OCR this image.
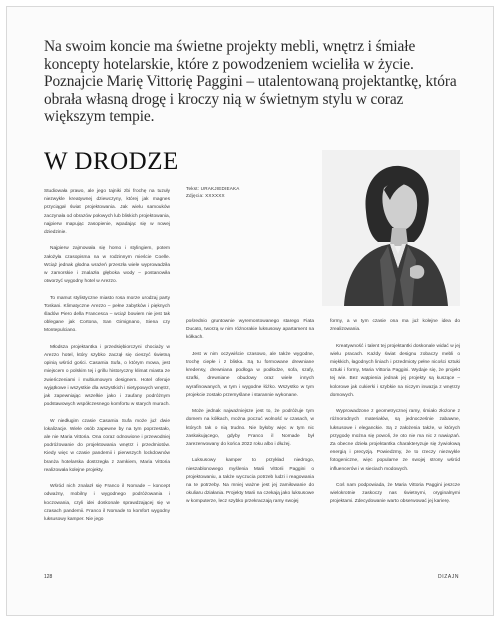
Na swoim koncie ma świetne projekty mebli, wnętrz i śmiałe koncepty hotelarskie, które z powodzeniem wcieliła w życie. Poznajcie Marię Vittorię Paggini – utalentowaną projektantkę, która obrała własną drogę i kroczy nią w świetnym stylu w coraz większym tempie.
W DRODZE
Tekst: URAKJIEDIEAKA
Zdjęcia: XXXXXX

Studiowała prawo, ale jego tajniki zbi frochę na tuzuły niezwykle kreatywnej dziewczyny, której jak magnes przyciągał świat projektowania. Jak wielu samouków zaczynała od obrazów połowych lub bliskich projektowania, najpierw mapując zasopienie, wpadając się w nowej dziedzinie.

Najpierw zajmowała się homo i stylingiem, potem założyła czasopisma na w rodzinnym mieście Coelle. Wciąż jednak głodna wrażeń przeszła wiele wyprowadziła w zamorskie i znalazła głęboka wody – postanowiła otworzyć wygodny hotel w Arezzo.

To mamut stylistyczne miasto rosa morze urodzaj party Toskani. Klimatyczne Arezzo – pełne zabytków i pięknych śladów Piero della Francesca – wciąż bowiem nie jest tak oblegane jak Cortona, San Gimignano, Siena czy Montepulciano.

Młodsza projektantka i przedsiębiorczyni chociaży w Arezzo hotel, który szybko zaczął się cieszyć świetną opinią wśród gości. Casamia Sufa, o którym mowa, jest miejscem o polskim tej i grillu historyczny klimat miasta ze zwieńczeniami i multiumowym designem. Hotel oferuje wyjątkowe i wszystkie dla wszystkich i nietypowych wnętrz, jak zapewniając wszelkie jako i zaufany podróżnym podstawowych współczesnego komfortu w starych murach.

W niedługim czasie Casamia Sufa może już dwie lokalizacje. Wiele osób zapewne by na tym poprzestało, ale nie Maria Vittoria. Ona coraz odnowione i przewodniej podróżowanie do projektowania wnętrz i przedmiotów. Kiedy więc w czasie pandemii i pierwszych lockdownów branża hotelarska dostrzegła z zamkiem, Maria Vittoria realizowała kolejne projekty.

Wśród nich znalazł się Franco il Nomade – koncept odważny, mobilny i wygodnego podróżowania i koczowania, czyli idei doskonale sprawdzającej się w czasach pandemii. Franco il Nomade to komfort wygodny luksusowy kamper. Nie jego

pośrednio gruntownie wyremontowanego starego Fiata Ducato, tworzą w nim różnorakie luksusowy apartament na kółkach.

Jest w nim oczywiście czasowo, ale także wygodne, trochę ciepłe i z bliska. Są tu formowane drewniane kredensy, drewniana podłoga w podłodze, sofa, szafy, szafki, drewniane obudowy oraz wiele innych wyrafinowanych, w tym i wygodne łóżko. Wszystko w tym projekcie zostało przemyślane i starannie wykonane.

Może jednak najważniejsze jest to, że podróżuje tym domem na kółkach, można poczuć wolność w czasach, w których tak o nią trudno. Nie byłoby więc w tym nic zaskakującego, gdyby Franco il Nomade był zarezerwowany do końca 2022 roku albo i dłużej.

Luksusowy kamper to przykład niedrogo, nieszablonowego myślenia Marii Vittorii Paggini o projektowaniu, a także wyczucia potrzeb ludzi i reagowania na te potrzeby. Na mniej ważne jest jej zamiłowanie do okuliaru działania. Projekty Marii na czekają jako luksusowe w komputerze, lecz szybko przekraczają ramy swojej

formy, a w tym czasie ona ma już kolejne idea do zrealizowania.

Kreatywność i talent tej projektantki doskonale widać w jej wielu pracach. Każdy świat designu zobaczy mebli o miękkich, łagodnych liniach i przedmioty pełne nicości sztuki sztuki i formy, Maria Vittoria Paggini. Wydaje się, że projekt tej wie. Bez wątpienia jednak jej projekty są kuszące – kolorowe jak cukierki i szybkie na niczym inwazja z wnętrzy domowych.

Wyprowadzone z geometrycznej ramy, śmiało złożone z różnorodnych materiałów, są jednocześnie zabawne, luksusowe i eleganckie. Są z założenia także, w których przygodę można się powoli, że oto nie ma nic z nawiązań. Za obecne dzieła projektantka charakteryzuje się żywiołową energią i precyzją. Powiedzmy, że to rzeczy niezwykle fotogeniczne, więc popularne ze swojej strony wśród influencerów i w sieciach modowych.

Coś nam podpowiada, że Maria Vittoria Paggini jeszcze wielokrotnie zaskoczy nas świetnymi, oryginalnymi projektami. Zdecydowanie warto obserwować jej karierę.

128	DIZAJN
